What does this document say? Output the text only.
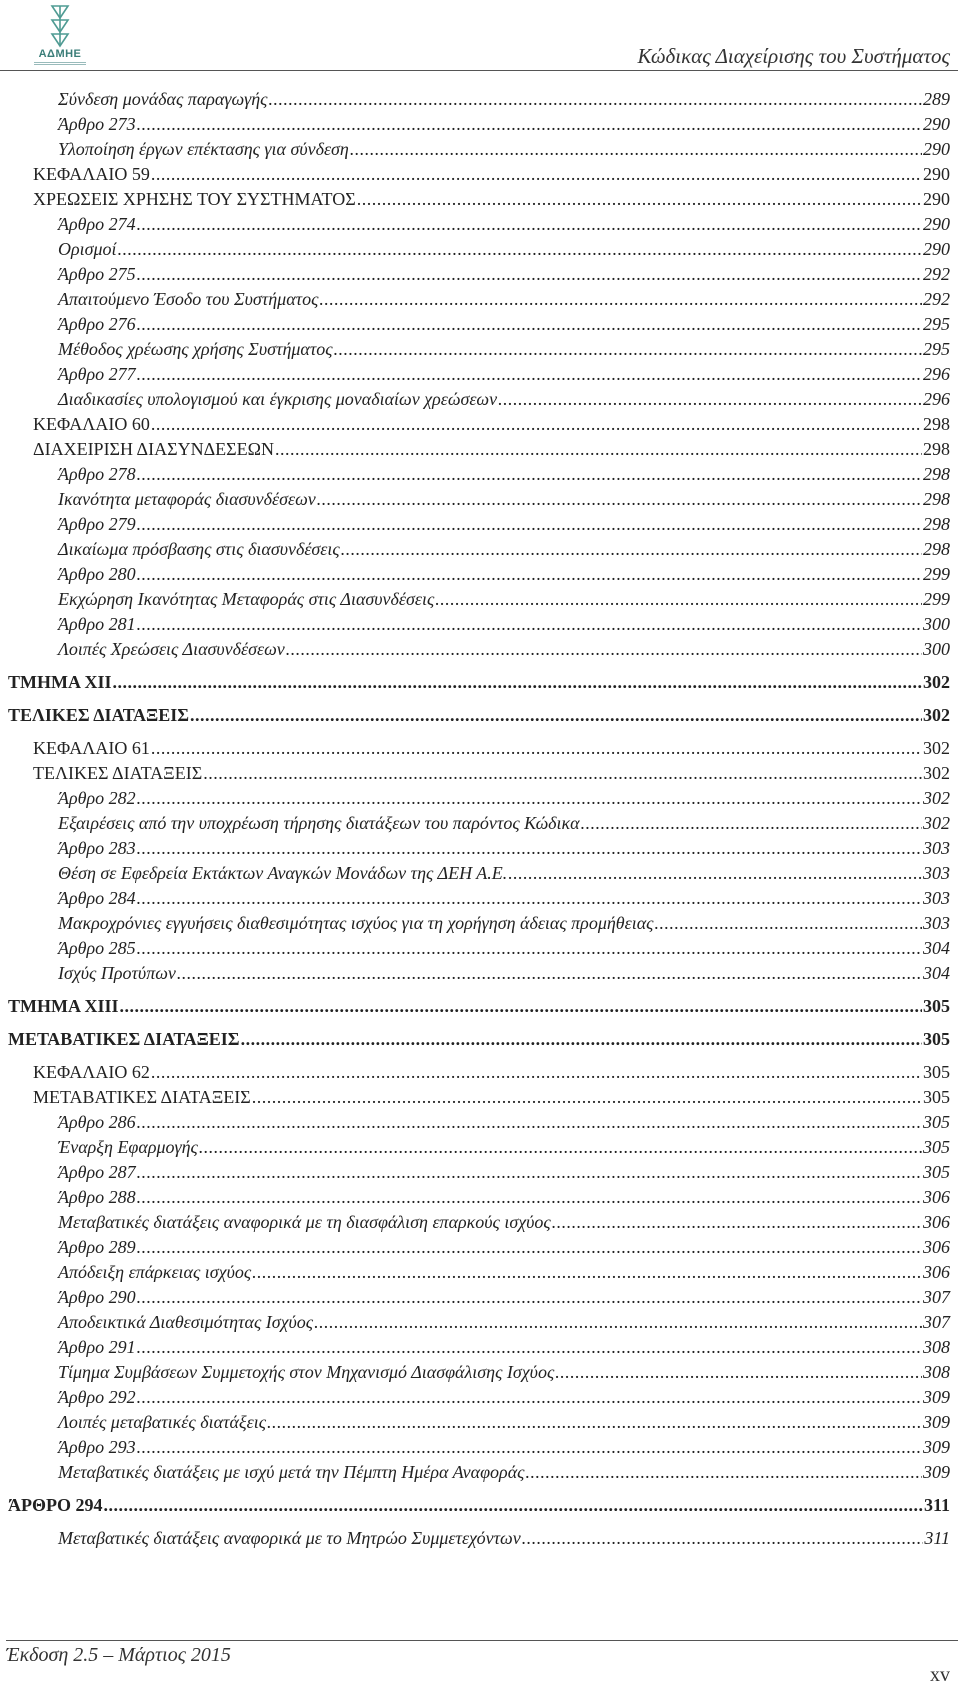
ΑΔΜΗΕ	Κώδικας Διαχείρισης του Συστήματος
Σύνδεση μονάδας παραγωγής .....	289
Άρθρο 273 .....	290
Υλοποίηση έργων επέκτασης για σύνδεση .....	290
ΚΕΦΑΛΑΙΟ 59 .....	290
ΧΡΕΩΣΕΙΣ ΧΡΗΣΗΣ ΤΟΥ ΣΥΣΤΗΜΑΤΟΣ .....	290
Άρθρο 274 .....	290
Ορισμοί .....	290
Άρθρο 275 .....	292
Απαιτούμενο Έσοδο του Συστήματος .....	292
Άρθρο 276 .....	295
Μέθοδος χρέωσης χρήσης Συστήματος .....	295
Άρθρο 277 .....	296
Διαδικασίες υπολογισμού και έγκρισης μοναδιαίων χρεώσεων .....	296
ΚΕΦΑΛΑΙΟ 60 .....	298
ΔΙΑΧΕΙΡΙΣΗ ΔΙΑΣΥΝΔΕΣΕΩΝ .....	298
Άρθρο 278 .....	298
Ικανότητα μεταφοράς διασυνδέσεων .....	298
Άρθρο 279 .....	298
Δικαίωμα πρόσβασης στις διασυνδέσεις .....	298
Άρθρο 280 .....	299
Εκχώρηση Ικανότητας Μεταφοράς στις Διασυνδέσεις .....	299
Άρθρο 281 .....	300
Λοιπές Χρεώσεις Διασυνδέσεων .....	300
ΤΜΗΜΑ XII .....	302
ΤΕΛΙΚΕΣ ΔΙΑΤΑΞΕΙΣ .....	302
ΚΕΦΑΛΑΙΟ 61 .....	302
ΤΕΛΙΚΕΣ ΔΙΑΤΑΞΕΙΣ .....	302
Άρθρο 282 .....	302
Εξαιρέσεις από την υποχρέωση τήρησης διατάξεων του παρόντος Κώδικα .....	302
Άρθρο 283 .....	303
Θέση σε Εφεδρεία Εκτάκτων Αναγκών Μονάδων της ΔΕΗ Α.Ε. .....	303
Άρθρο 284 .....	303
Μακροχρόνιες εγγυήσεις διαθεσιμότητας ισχύος για τη χορήγηση άδειας προμήθειας .....	303
Άρθρο 285 .....	304
Ισχύς Προτύπων .....	304
ΤΜΗΜΑ XIII .....	305
ΜΕΤΑΒΑΤΙΚΕΣ ΔΙΑΤΑΞΕΙΣ .....	305
ΚΕΦΑΛΑΙΟ 62 .....	305
ΜΕΤΑΒΑΤΙΚΕΣ ΔΙΑΤΑΞΕΙΣ .....	305
Άρθρο 286 .....	305
Έναρξη Εφαρμογής .....	305
Άρθρο 287 .....	305
Άρθρο 288 .....	306
Μεταβατικές διατάξεις αναφορικά με τη διασφάλιση επαρκούς ισχύος .....	306
Άρθρο 289 .....	306
Απόδειξη επάρκειας ισχύος .....	306
Άρθρο 290 .....	307
Αποδεικτικά Διαθεσιμότητας Ισχύος .....	307
Άρθρο 291 .....	308
Τίμημα Συμβάσεων Συμμετοχής στον Μηχανισμό Διασφάλισης Ισχύος .....	308
Άρθρο 292 .....	309
Λοιπές μεταβατικές διατάξεις .....	309
Άρθρο 293 .....	309
Μεταβατικές διατάξεις με ισχύ μετά την Πέμπτη Ημέρα Αναφοράς .....	309
ΆΡΘΡΟ 294 .....	311
Μεταβατικές διατάξεις αναφορικά με το Μητρώο Συμμετεχόντων .....	311
Έκδοση 2.5 – Μάρτιος 2015
xv
